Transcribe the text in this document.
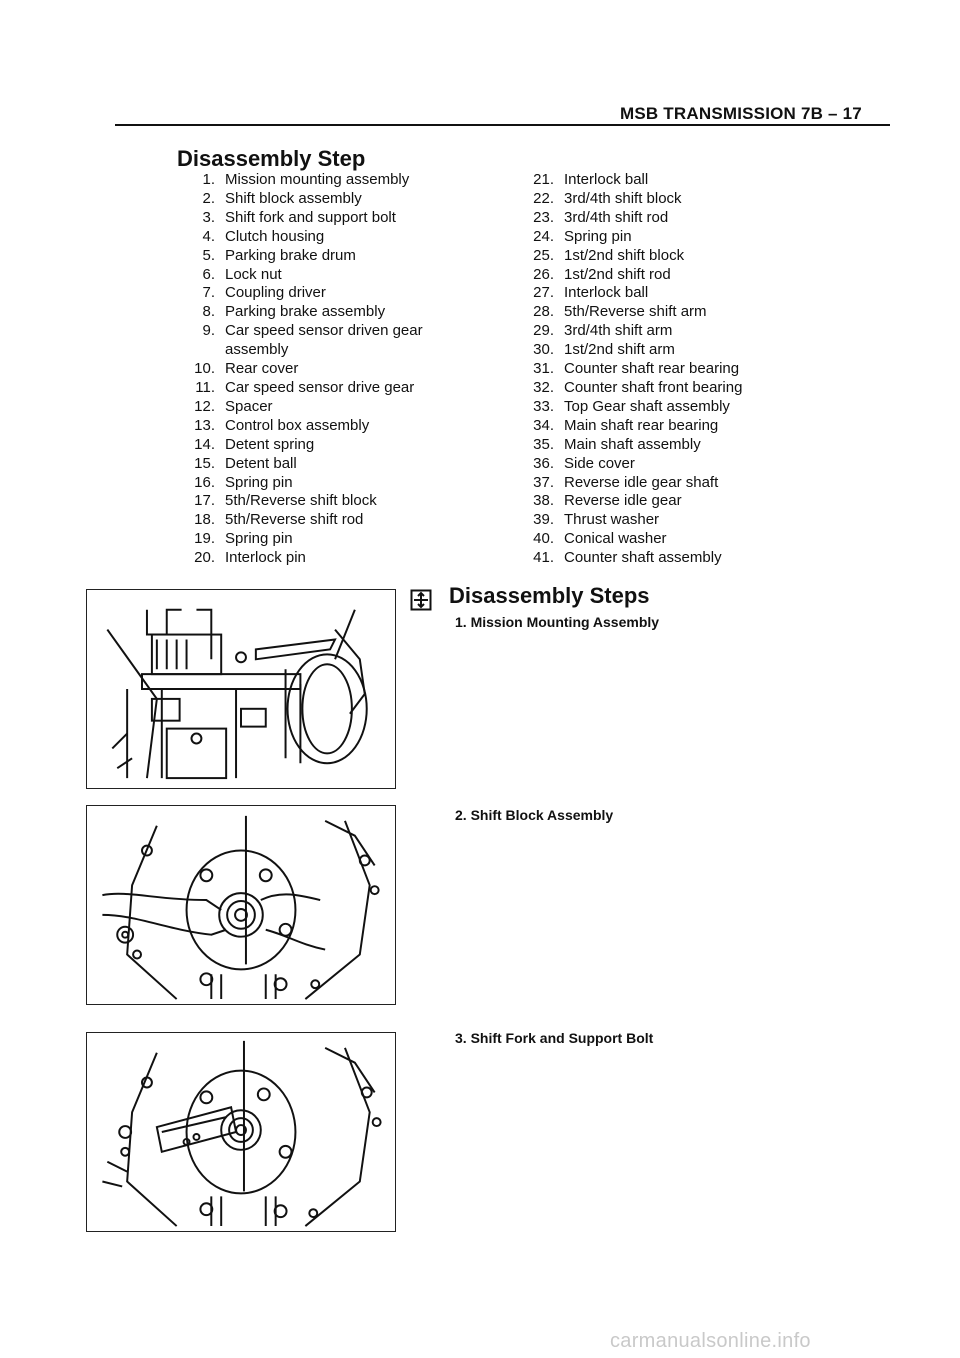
MSB TRANSMISSION 7B – 17
Disassembly Step
1. Mission mounting assembly
2. Shift block assembly
3. Shift fork and support bolt
4. Clutch housing
5. Parking brake drum
6. Lock nut
7. Coupling driver
8. Parking brake assembly
9. Car speed sensor driven gear
assembly
10. Rear cover
11. Car speed sensor drive gear
12. Spacer
13. Control box assembly
14. Detent spring
15. Detent ball
16. Spring pin
17. 5th/Reverse shift block
18. 5th/Reverse shift rod
19. Spring pin
20. Interlock pin
21. Interlock ball
22. 3rd/4th shift block
23. 3rd/4th shift rod
24. Spring pin
25. 1st/2nd shift block
26. 1st/2nd shift rod
27. Interlock ball
28. 5th/Reverse shift arm
29. 3rd/4th shift arm
30. 1st/2nd shift arm
31. Counter shaft rear bearing
32. Counter shaft front bearing
33. Top Gear shaft assembly
34. Main shaft rear bearing
35. Main shaft assembly
36. Side cover
37. Reverse idle gear shaft
38. Reverse idle gear
39. Thrust washer
40. Conical washer
41. Counter shaft assembly
Disassembly Steps
1. Mission Mounting Assembly
2. Shift Block Assembly
3. Shift Fork and Support Bolt
carmanualsonline.info
